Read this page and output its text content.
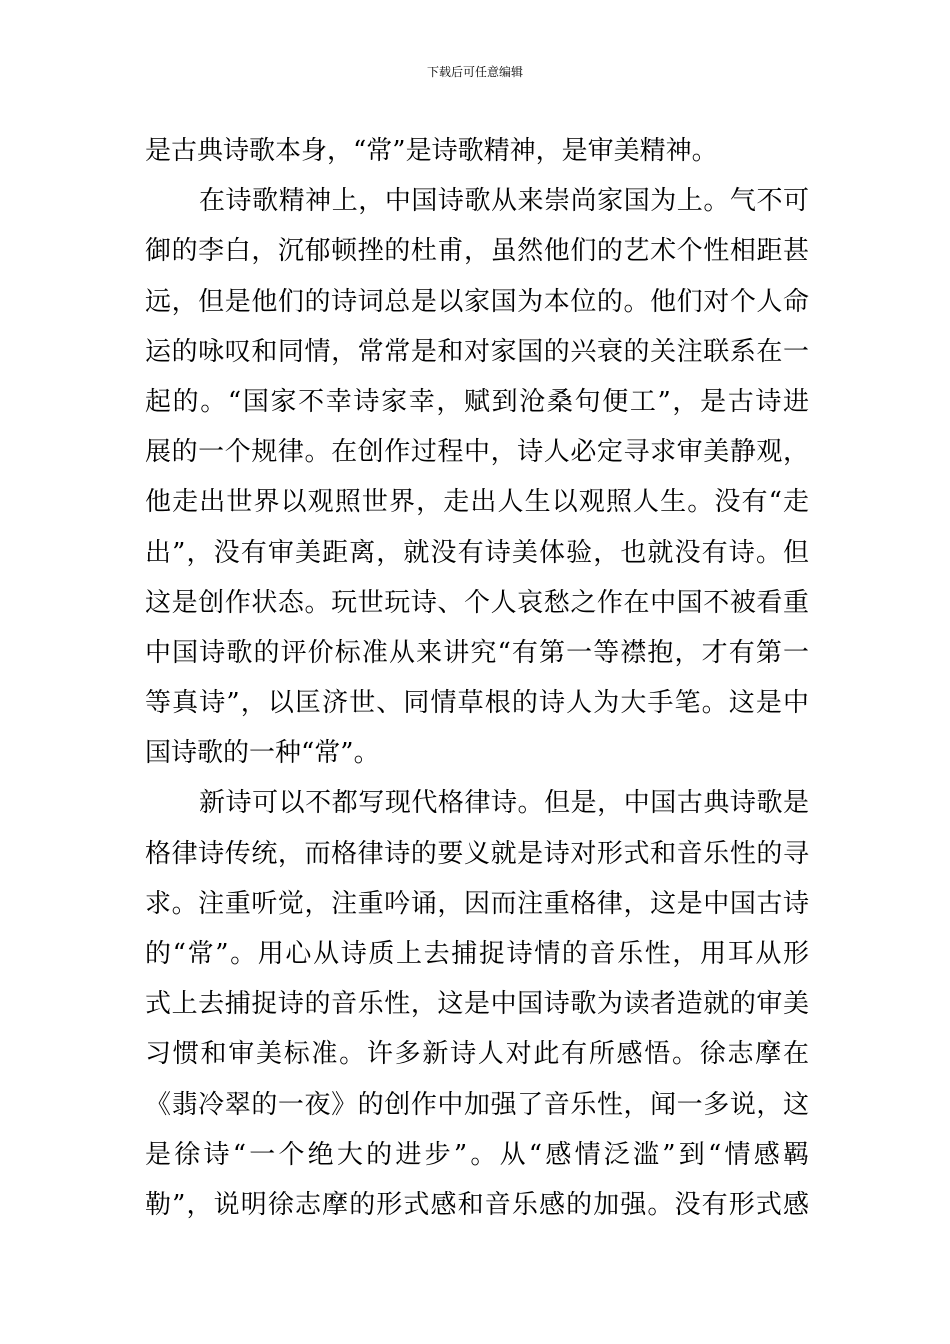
下载后可任意编辑
是古典诗歌本身，“常”是诗歌精神，是审美精神。
在诗歌精神上，中国诗歌从来崇尚家国为上。气不可
御的李白，沉郁顿挫的杜甫，虽然他们的艺术个性相距甚
远，但是他们的诗词总是以家国为本位的。他们对个人命
运的咏叹和同情，常常是和对家国的兴衰的关注联系在一
起的。“国家不幸诗家幸，赋到沧桑句便工”，是古诗进
展的一个规律。在创作过程中，诗人必定寻求审美静观，
他走出世界以观照世界，走出人生以观照人生。没有“走
出”，没有审美距离，就没有诗美体验，也就没有诗。但
这是创作状态。玩世玩诗、个人哀愁之作在中国不被看重
中国诗歌的评价标准从来讲究“有第一等襟抱，才有第一
等真诗”，以匡济世、同情草根的诗人为大手笔。这是中
国诗歌的一种“常”。
新诗可以不都写现代格律诗。但是，中国古典诗歌是
格律诗传统，而格律诗的要义就是诗对形式和音乐性的寻
求。注重听觉，注重吟诵，因而注重格律，这是中国古诗
的“常”。用心从诗质上去捕捉诗情的音乐性，用耳从形
式上去捕捉诗的音乐性，这是中国诗歌为读者造就的审美
习惯和审美标准。许多新诗人对此有所感悟。徐志摩在
《翡冷翠的一夜》的创作中加强了音乐性，闻一多说，这
是徐诗“一个绝大的进步”。从“感情泛滥”到“情感羁
勒”，说明徐志摩的形式感和音乐感的加强。没有形式感
